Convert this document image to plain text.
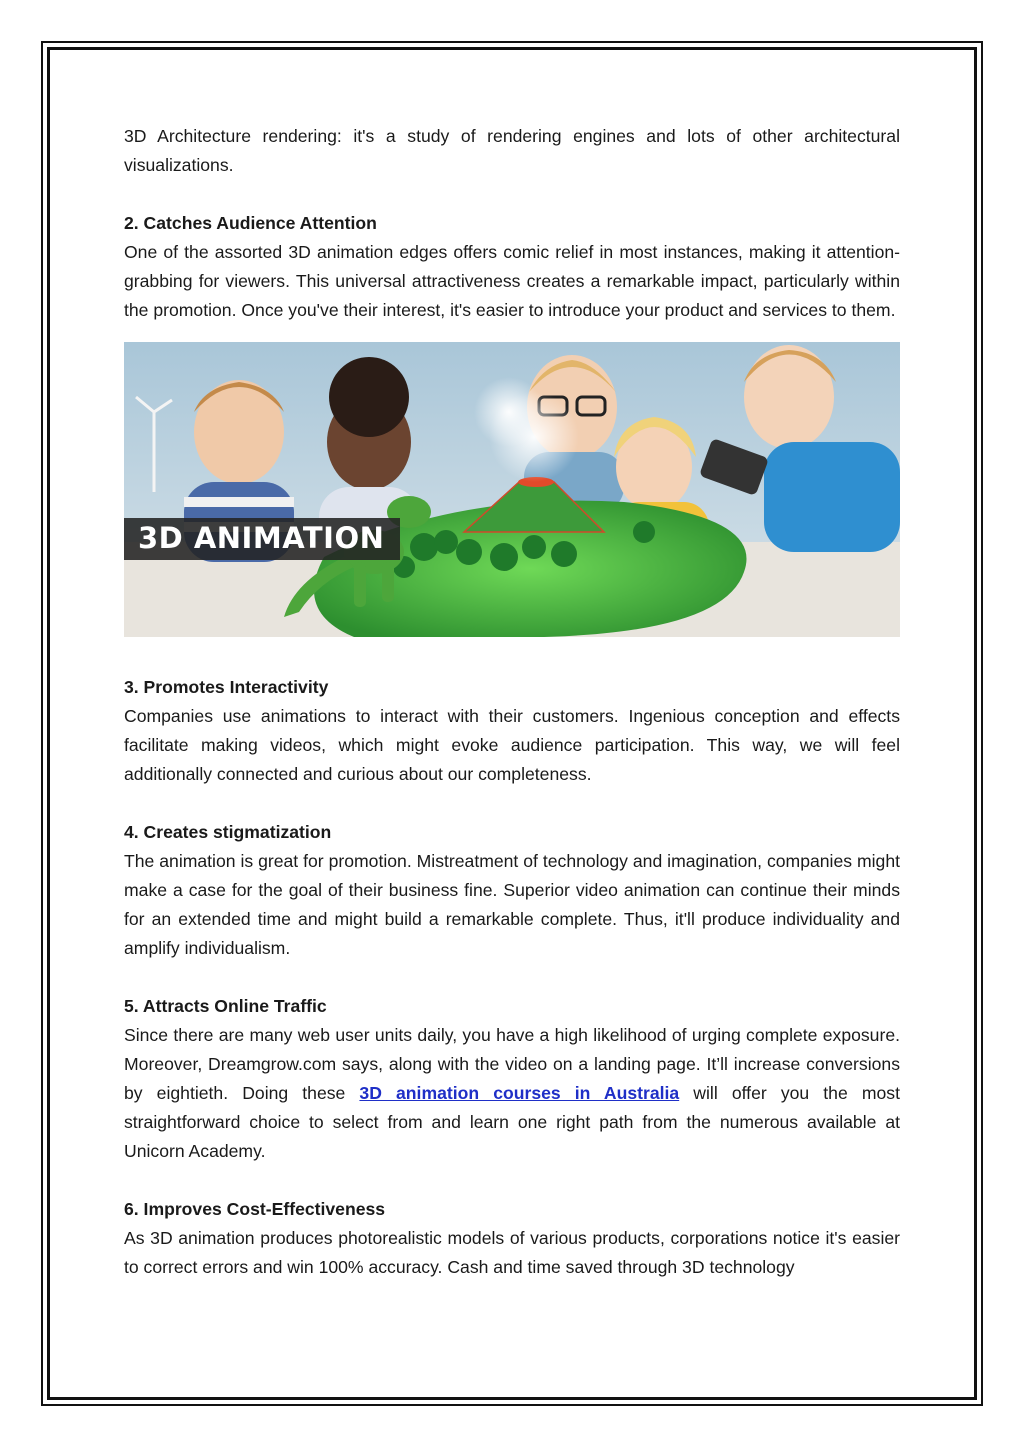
3D Architecture rendering: it's a study of rendering engines and lots of other architectural visualizations.

2. Catches Audience Attention

One of the assorted 3D animation edges offers comic relief in most instances, making it attention-grabbing for viewers. This universal attractiveness creates a remarkable impact, particularly within the promotion. Once you've their interest, it's easier to introduce your product and services to them.

3D ANIMATION
3. Promotes Interactivity

Companies use animations to interact with their customers. Ingenious conception and effects facilitate making videos, which might evoke audience participation. This way, we will feel additionally connected and curious about our completeness.

4. Creates stigmatization

The animation is great for promotion. Mistreatment of technology and imagination, companies might make a case for the goal of their business fine. Superior video animation can continue their minds for an extended time and might build a remarkable complete. Thus, it'll produce individuality and amplify individualism.

5. Attracts Online Traffic

Since there are many web user units daily, you have a high likelihood of urging complete exposure. Moreover, Dreamgrow.com says, along with the video on a landing page. It’ll increase conversions by eightieth. Doing these 3D animation courses in Australia will offer you the most straightforward choice to select from and learn one right path from the numerous available at Unicorn Academy.

6. Improves Cost-Effectiveness

As 3D animation produces photorealistic models of various products, corporations notice it's easier to correct errors and win 100% accuracy. Cash and time saved through 3D technology
